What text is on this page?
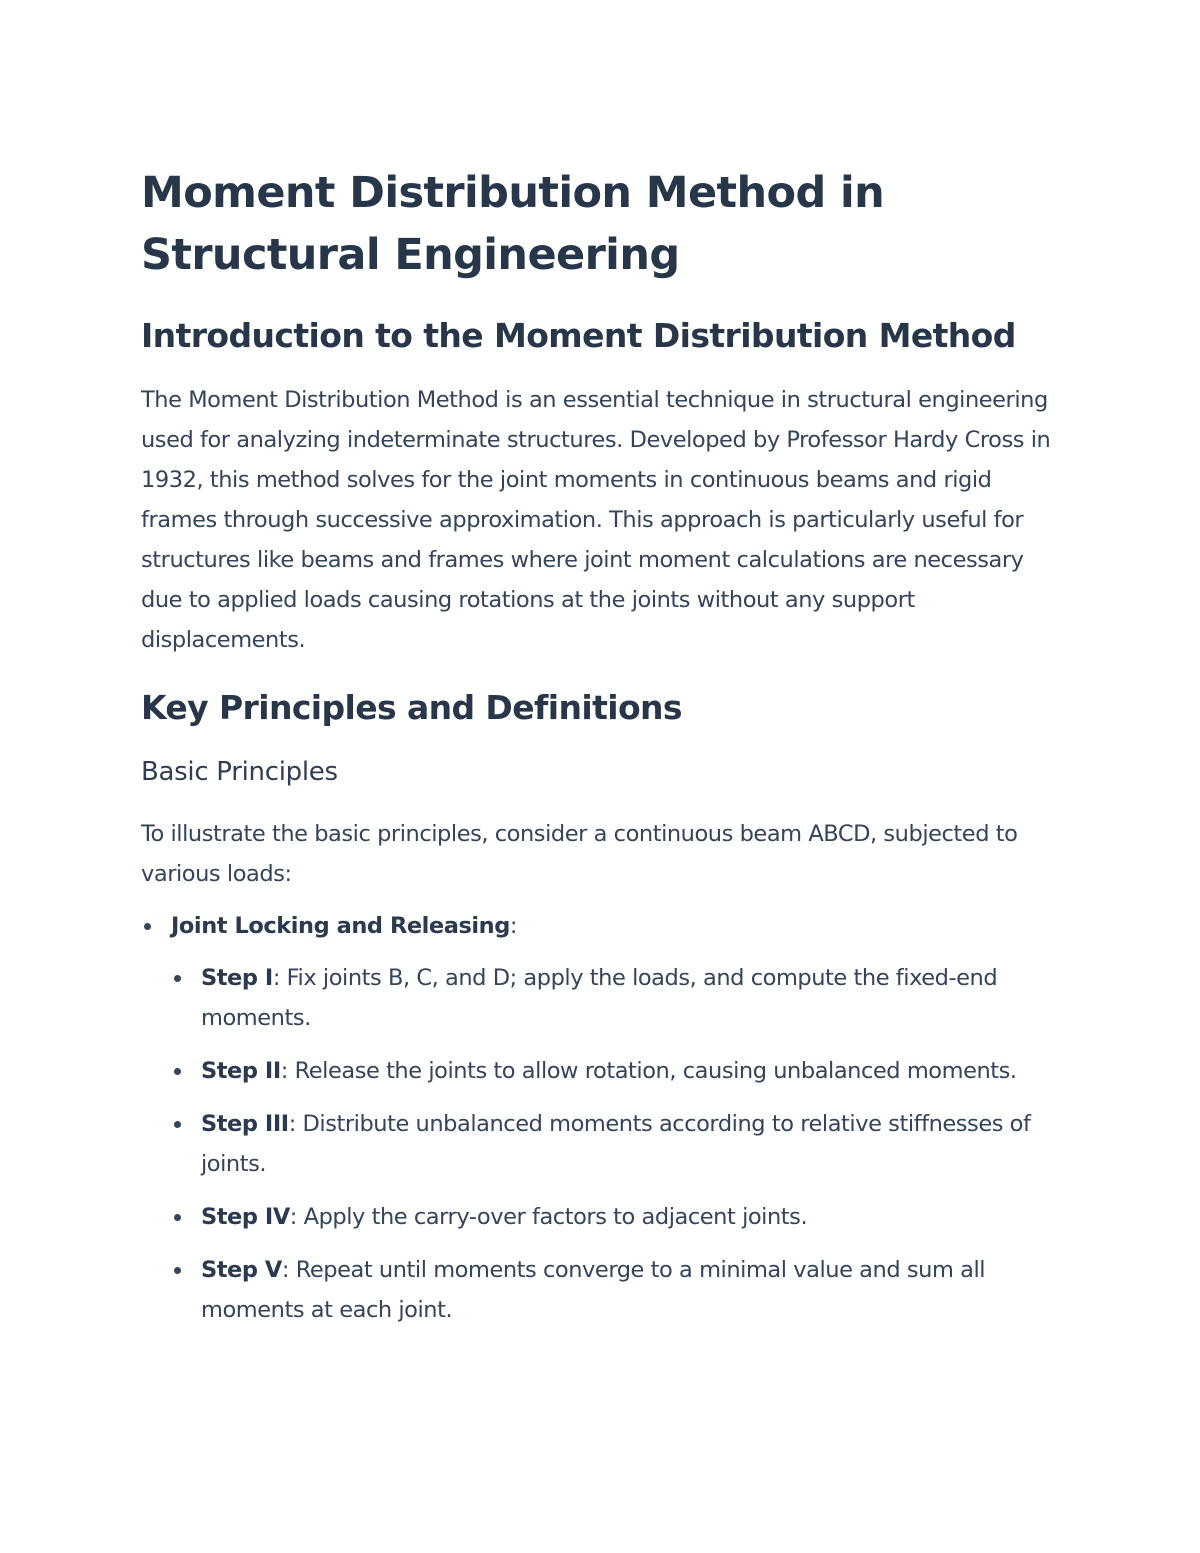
Moment Distribution Method in Structural Engineering
Introduction to the Moment Distribution Method

The Moment Distribution Method is an essential technique in structural engineering used for analyzing indeterminate structures. Developed by Professor Hardy Cross in 1932, this method solves for the joint moments in continuous beams and rigid frames through successive approximation. This approach is particularly useful for structures like beams and frames where joint moment calculations are necessary due to applied loads causing rotations at the joints without any support displacements.

Key Principles and Definitions
Basic Principles

To illustrate the basic principles, consider a continuous beam ABCD, subjected to various loads:

Joint Locking and Releasing:
Step I: Fix joints B, C, and D; apply the loads, and compute the fixed-end moments.
Step II: Release the joints to allow rotation, causing unbalanced moments.
Step III: Distribute unbalanced moments according to relative stiffnesses of joints.
Step IV: Apply the carry-over factors to adjacent joints.
Step V: Repeat until moments converge to a minimal value and sum all moments at each joint.
